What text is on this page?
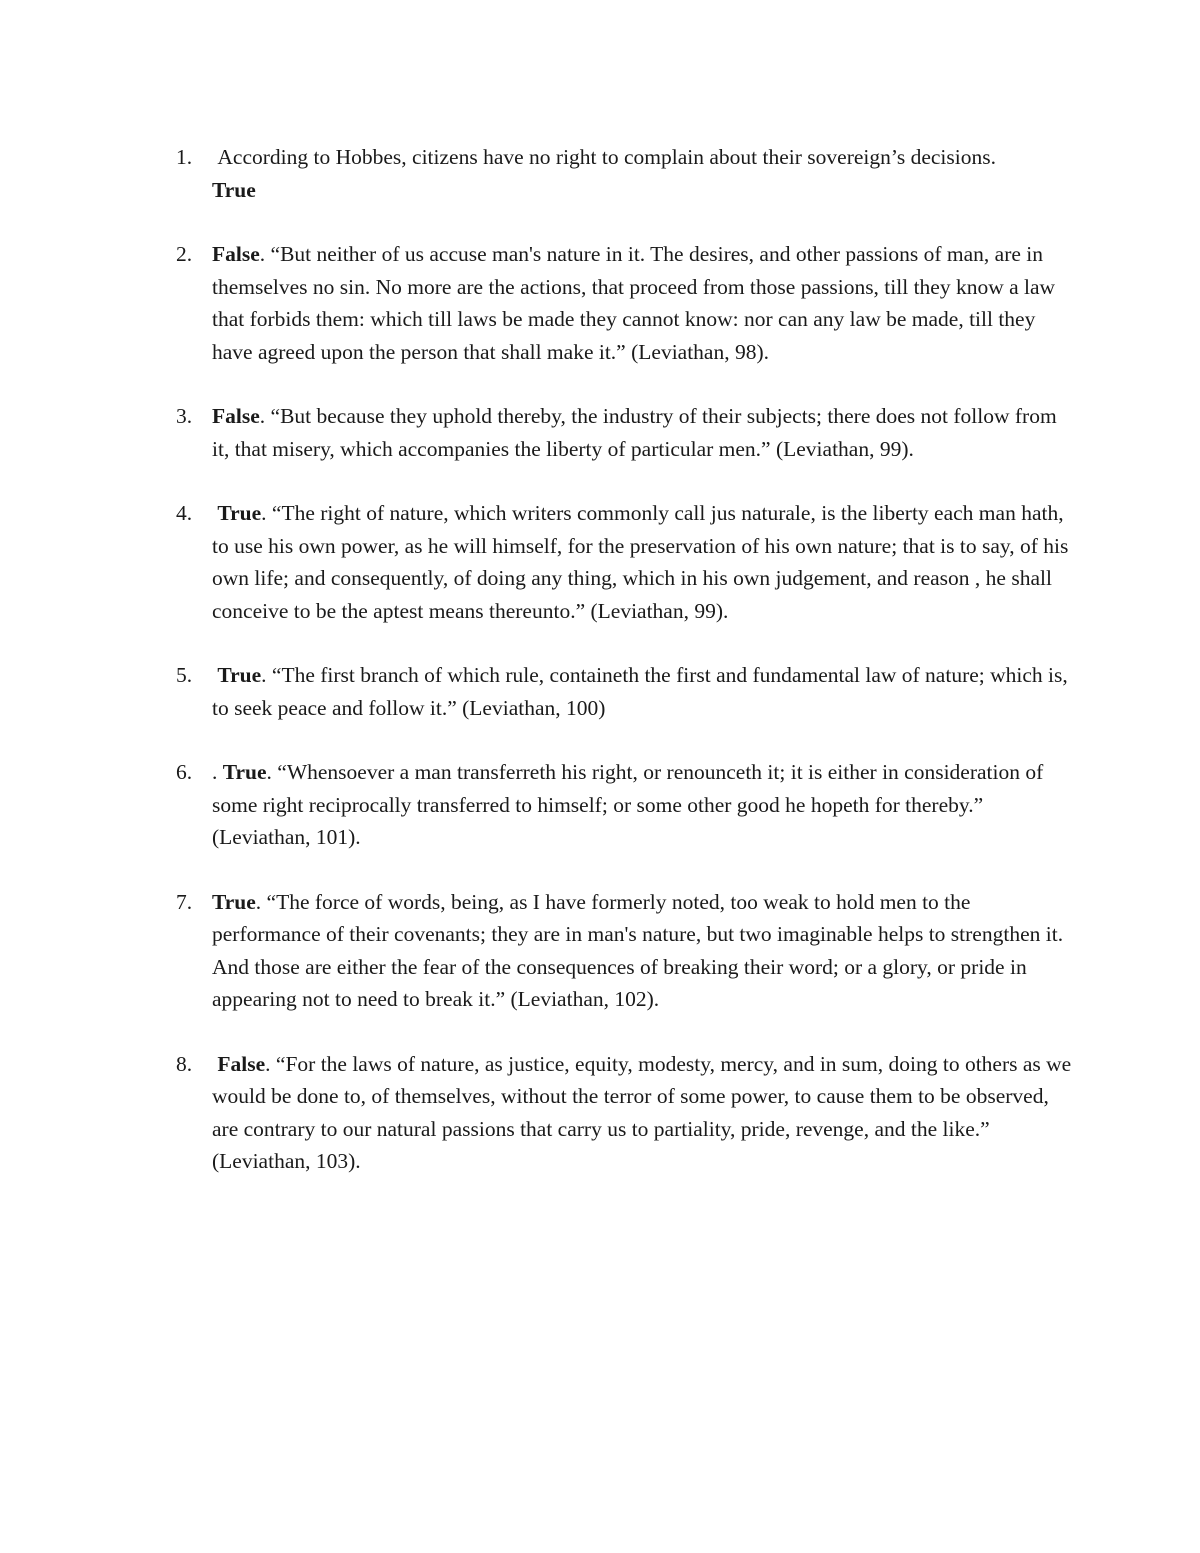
1. According to Hobbes, citizens have no right to complain about their sovereign’s decisions.
True
2. False. “But neither of us accuse man's nature in it. The desires, and other passions of man, are in themselves no sin. No more are the actions, that proceed from those passions, till they know a law that forbids them: which till laws be made they cannot know: nor can any law be made, till they have agreed upon the person that shall make it.” (Leviathan, 98).
3. False. “But because they uphold thereby, the industry of their subjects; there does not follow from it, that misery, which accompanies the liberty of particular men.” (Leviathan, 99).
4. True. “The right of nature, which writers commonly call jus naturale, is the liberty each man hath, to use his own power, as he will himself, for the preservation of his own nature; that is to say, of his own life; and consequently, of doing any thing, which in his own judgement, and reason , he shall conceive to be the aptest means thereunto.” (Leviathan, 99).
5. True. “The first branch of which rule, containeth the first and fundamental law of nature; which is, to seek peace and follow it.” (Leviathan, 100)
6. . True. “Whensoever a man transferreth his right, or renounceth it; it is either in consideration of some right reciprocally transferred to himself; or some other good he hopeth for thereby.” (Leviathan, 101).
7. True. “The force of words, being, as I have formerly noted, too weak to hold men to the performance of their covenants; they are in man's nature, but two imaginable helps to strengthen it. And those are either the fear of the consequences of breaking their word; or a glory, or pride in appearing not to need to break it.” (Leviathan, 102).
8. False. “For the laws of nature, as justice, equity, modesty, mercy, and in sum, doing to others as we would be done to, of themselves, without the terror of some power, to cause them to be observed, are contrary to our natural passions that carry us to partiality, pride, revenge, and the like.” (Leviathan, 103).
